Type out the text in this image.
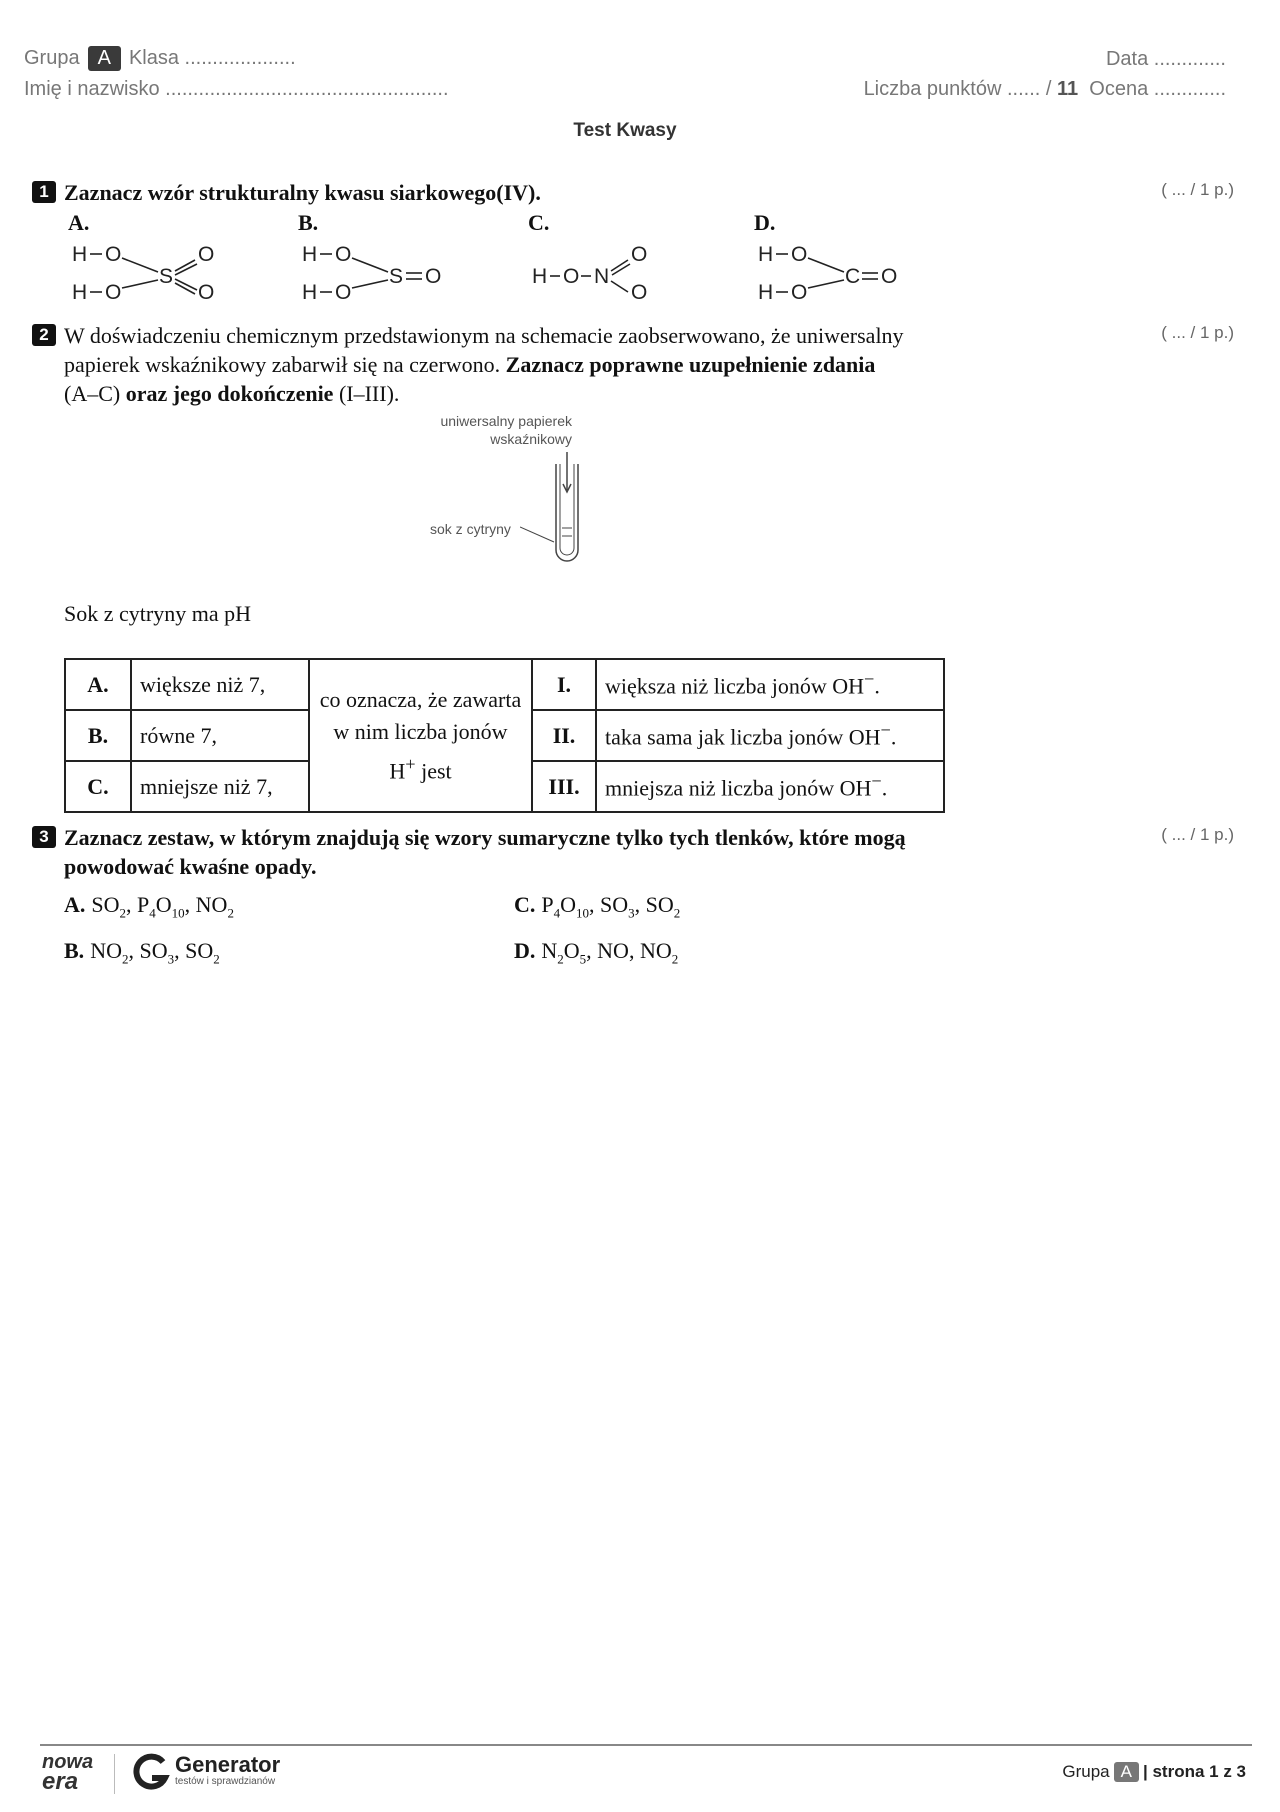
Grupa A Klasa ....................	Data .............
Imię i nazwisko ...................................................	Liczba punktów ...... / 11 Ocena .............
Test Kwasy
1 Zaznacz wzór strukturalny kwasu siarkowego(IV).	( ... / 1 p.)
A.	B.	C.	D.
H O
H O
S
O
O
H O
H O
S O	H O N
O
O
H O
H O
C O
2 W doświadczeniu chemicznym przedstawionym na schemacie zaobserwowano, że uniwersalny papierek wskaźnikowy zabarwił się na czerwono. Zaznacz poprawne uzupełnienie zdania (A–C) oraz jego dokończenie (I–III).
( ... / 1 p.)
uniwersalny papierek
wskaźnikowy
sok z cytryny
Sok z cytryny ma pH
A.	większe niż 7,	co oznacza, że zawarta w nim liczba jonów H+ jest	I.	większa niż liczba jonów OH−.
B.	równe 7,		II.	taka sama jak liczba jonów OH−.
C.	mniejsze niż 7,		III.	mniejsza niż liczba jonów OH−.
3 Zaznacz zestaw, w którym znajdują się wzory sumaryczne tylko tych tlenków, które mogą powodować kwaśne opady.
( ... / 1 p.)
A. $SO_2$, $P_4O_{10}$, $NO_2$	C. $P_4O_{10}$, $SO_3$, $SO_2$
B. $NO_2$, $SO_3$, $SO_2$	D. $N_2O_5$, NO, $NO_2$
nowa
era
Generator
testów i sprawdzianów
Grupa A | strona 1 z 3
